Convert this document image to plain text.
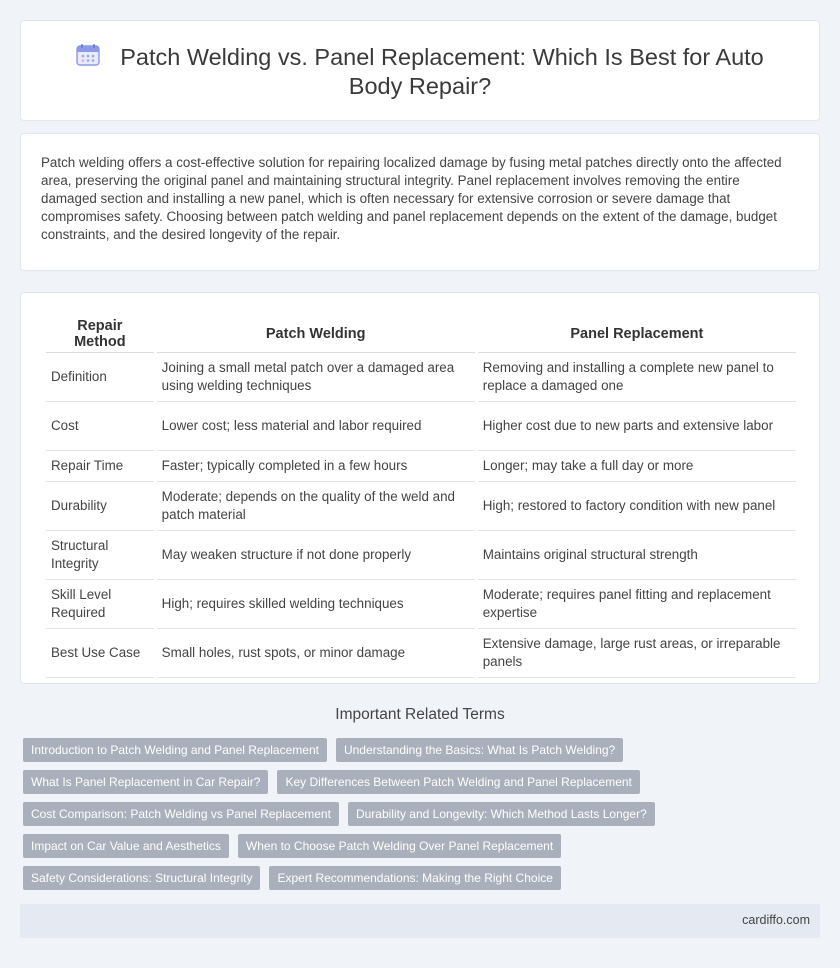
Patch Welding vs. Panel Replacement: Which Is Best for Auto Body Repair?

Patch welding offers a cost-effective solution for repairing localized damage by fusing metal patches directly onto the affected area, preserving the original panel and maintaining structural integrity. Panel replacement involves removing the entire damaged section and installing a new panel, which is often necessary for extensive corrosion or severe damage that compromises safety. Choosing between patch welding and panel replacement depends on the extent of the damage, budget constraints, and the desired longevity of the repair.

Repair Method	Patch Welding	Panel Replacement
Definition	Joining a small metal patch over a damaged area using welding techniques	Removing and installing a complete new panel to replace a damaged one
Cost	Lower cost; less material and labor required	Higher cost due to new parts and extensive labor
Repair Time	Faster; typically completed in a few hours	Longer; may take a full day or more
Durability	Moderate; depends on the quality of the weld and patch material	High; restored to factory condition with new panel
Structural Integrity	May weaken structure if not done properly	Maintains original structural strength
Skill Level Required	High; requires skilled welding techniques	Moderate; requires panel fitting and replacement expertise
Best Use Case	Small holes, rust spots, or minor damage	Extensive damage, large rust areas, or irreparable panels
Important Related Terms
Introduction to Patch Welding and Panel Replacement	Understanding the Basics: What Is Patch Welding?
What Is Panel Replacement in Car Repair?	Key Differences Between Patch Welding and Panel Replacement
Cost Comparison: Patch Welding vs Panel Replacement	Durability and Longevity: Which Method Lasts Longer?
Impact on Car Value and Aesthetics	When to Choose Patch Welding Over Panel Replacement
Safety Considerations: Structural Integrity	Expert Recommendations: Making the Right Choice
cardiffo.com
